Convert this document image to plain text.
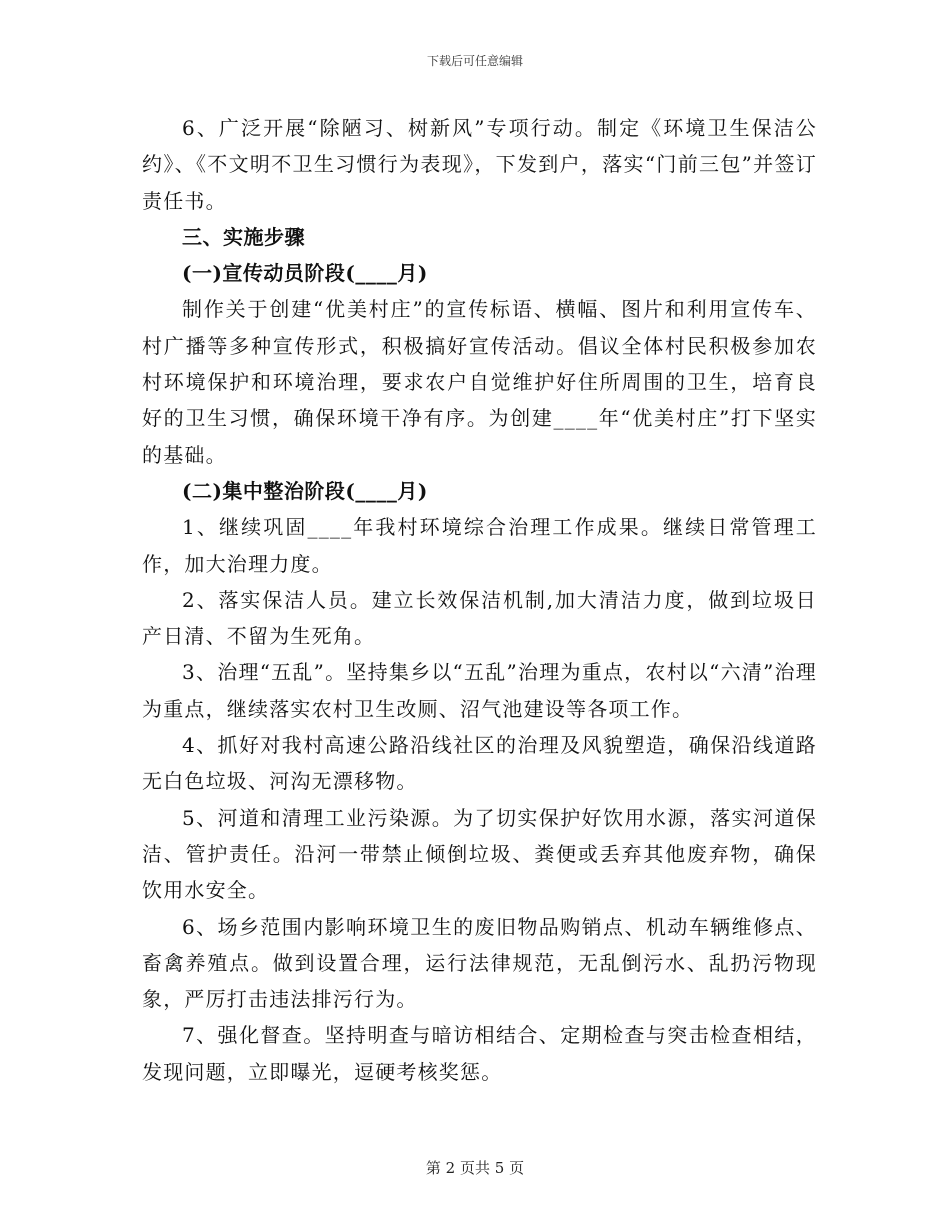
下载后可任意编辑

6、广泛开展“除陋习、树新风”专项行动。制定《环境卫生保洁公约》、《不文明不卫生习惯行为表现》，下发到户，落实“门前三包”并签订责任书。

三、实施步骤

(一)宣传动员阶段(____月)

制作关于创建“优美村庄”的宣传标语、横幅、图片和利用宣传车、村广播等多种宣传形式，积极搞好宣传活动。倡议全体村民积极参加农村环境保护和环境治理，要求农户自觉维护好住所周围的卫生，培育良好的卫生习惯，确保环境干净有序。为创建____年“优美村庄”打下坚实的基础。

(二)集中整治阶段(____月)

1、继续巩固____年我村环境综合治理工作成果。继续日常管理工作，加大治理力度。

2、落实保洁人员。建立长效保洁机制,加大清洁力度，做到垃圾日产日清、不留为生死角。

3、治理“五乱”。坚持集乡以“五乱”治理为重点，农村以“六清”治理为重点，继续落实农村卫生改厕、沼气池建设等各项工作。

4、抓好对我村高速公路沿线社区的治理及风貌塑造，确保沿线道路无白色垃圾、河沟无漂移物。

5、河道和清理工业污染源。为了切实保护好饮用水源，落实河道保洁、管护责任。沿河一带禁止倾倒垃圾、粪便或丢弃其他废弃物，确保饮用水安全。

6、场乡范围内影响环境卫生的废旧物品购销点、机动车辆维修点、畜禽养殖点。做到设置合理，运行法律规范，无乱倒污水、乱扔污物现象，严厉打击违法排污行为。

7、强化督查。坚持明查与暗访相结合、定期检查与突击检查相结，发现问题，立即曝光，逗硬考核奖惩。

第 2 页共 5 页
